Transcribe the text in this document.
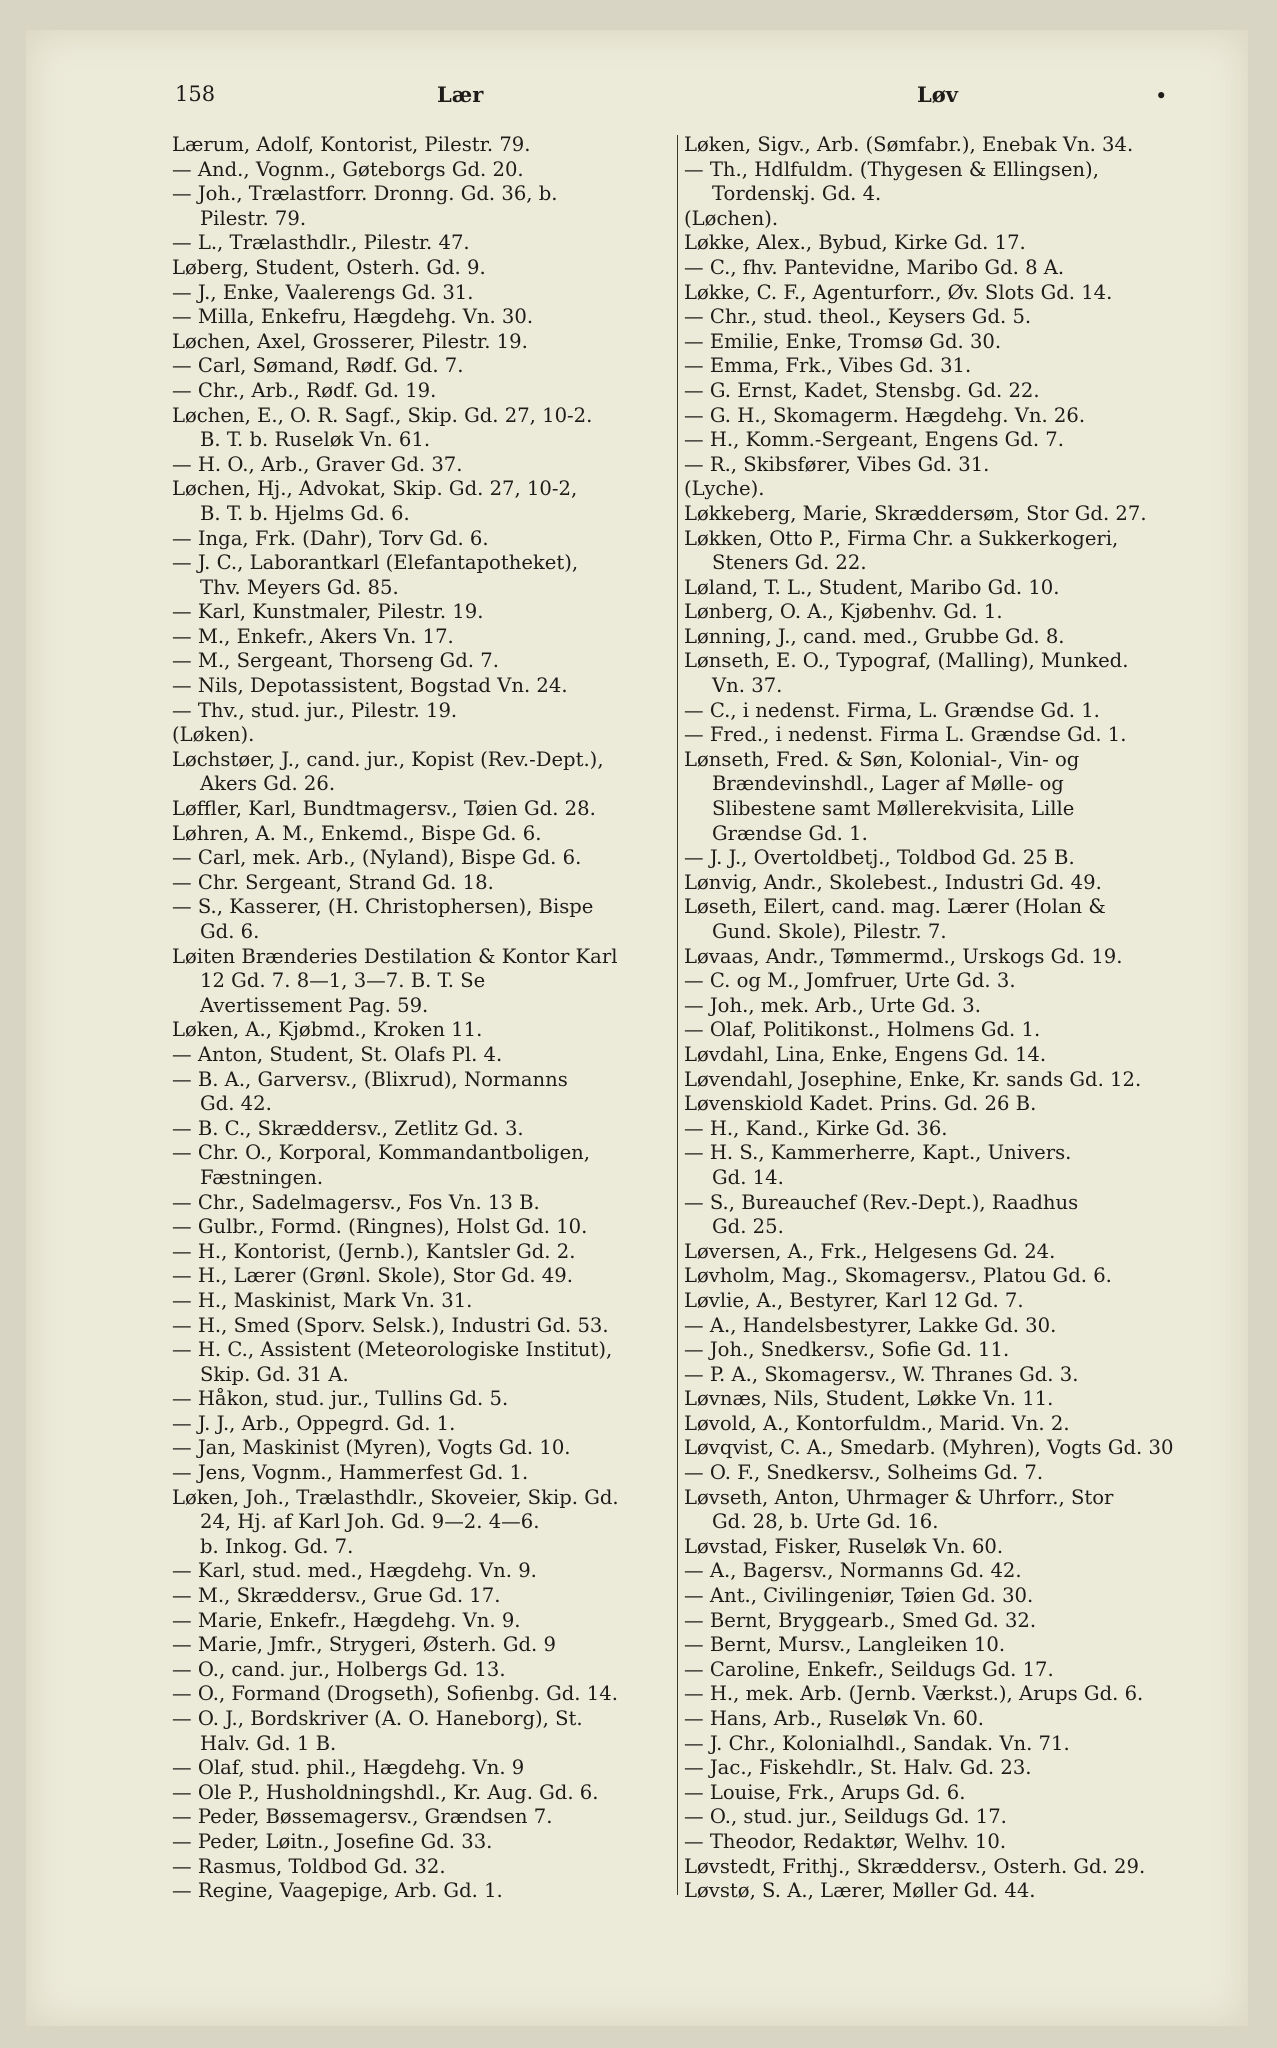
158	Lær	Løv	•
Lærum, Adolf, Kontorist, Pilestr. 79.
— And., Vognm., Gøteborgs Gd. 20.
— Joh., Trælastforr. Dronng. Gd. 36, b.
Pilestr. 79.
— L., Trælasthdlr., Pilestr. 47.
Løberg, Student, Osterh. Gd. 9.
— J., Enke, Vaalerengs Gd. 31.
— Milla, Enkefru, Hægdehg. Vn. 30.
Løchen, Axel, Grosserer, Pilestr. 19.
— Carl, Sømand, Rødf. Gd. 7.
— Chr., Arb., Rødf. Gd. 19.
Løchen, E., O. R. Sagf., Skip. Gd. 27, 10-2.
B. T. b. Ruseløk Vn. 61.
— H. O., Arb., Graver Gd. 37.
Løchen, Hj., Advokat, Skip. Gd. 27, 10-2,
B. T. b. Hjelms Gd. 6.
— Inga, Frk. (Dahr), Torv Gd. 6.
— J. C., Laborantkarl (Elefantapotheket),
Thv. Meyers Gd. 85.
— Karl, Kunstmaler, Pilestr. 19.
— M., Enkefr., Akers Vn. 17.
— M., Sergeant, Thorseng Gd. 7.
— Nils, Depotassistent, Bogstad Vn. 24.
— Thv., stud. jur., Pilestr. 19.
(Løken).
Løchstøer, J., cand. jur., Kopist (Rev.-Dept.),
Akers Gd. 26.
Løffler, Karl, Bundtmagersv., Tøien Gd. 28.
Løhren, A. M., Enkemd., Bispe Gd. 6.
— Carl, mek. Arb., (Nyland), Bispe Gd. 6.
— Chr. Sergeant, Strand Gd. 18.
— S., Kasserer, (H. Christophersen), Bispe
Gd. 6.
Løiten Brænderies Destilation & Kontor Karl
12 Gd. 7. 8—1, 3—7. B. T. Se
Avertissement Pag. 59.
Løken, A., Kjøbmd., Kroken 11.
— Anton, Student, St. Olafs Pl. 4.
— B. A., Garversv., (Blixrud), Normanns
Gd. 42.
— B. C., Skræddersv., Zetlitz Gd. 3.
— Chr. O., Korporal, Kommandantboligen,
Fæstningen.
— Chr., Sadelmagersv., Fos Vn. 13 B.
— Gulbr., Formd. (Ringnes), Holst Gd. 10.
— H., Kontorist, (Jernb.), Kantsler Gd. 2.
— H., Lærer (Grønl. Skole), Stor Gd. 49.
— H., Maskinist, Mark Vn. 31.
— H., Smed (Sporv. Selsk.), Industri Gd. 53.
— H. C., Assistent (Meteorologiske Institut),
Skip. Gd. 31 A.
— Håkon, stud. jur., Tullins Gd. 5.
— J. J., Arb., Oppegrd. Gd. 1.
— Jan, Maskinist (Myren), Vogts Gd. 10.
— Jens, Vognm., Hammerfest Gd. 1.
Løken, Joh., Trælasthdlr., Skoveier, Skip. Gd.
24, Hj. af Karl Joh. Gd. 9—2. 4—6.
b. Inkog. Gd. 7.
— Karl, stud. med., Hægdehg. Vn. 9.
— M., Skræddersv., Grue Gd. 17.
— Marie, Enkefr., Hægdehg. Vn. 9.
— Marie, Jmfr., Strygeri, Østerh. Gd. 9
— O., cand. jur., Holbergs Gd. 13.
— O., Formand (Drogseth), Sofienbg. Gd. 14.
— O. J., Bordskriver (A. O. Haneborg), St.
Halv. Gd. 1 B.
— Olaf, stud. phil., Hægdehg. Vn. 9
— Ole P., Husholdningshdl., Kr. Aug. Gd. 6.
— Peder, Bøssemagersv., Grændsen 7.
— Peder, Løitn., Josefine Gd. 33.
— Rasmus, Toldbod Gd. 32.
— Regine, Vaagepige, Arb. Gd. 1.
Løken, Sigv., Arb. (Sømfabr.), Enebak Vn. 34.
— Th., Hdlfuldm. (Thygesen & Ellingsen),
Tordenskj. Gd. 4.
(Løchen).
Løkke, Alex., Bybud, Kirke Gd. 17.
— C., fhv. Pantevidne, Maribo Gd. 8 A.
Løkke, C. F., Agenturforr., Øv. Slots Gd. 14.
— Chr., stud. theol., Keysers Gd. 5.
— Emilie, Enke, Tromsø Gd. 30.
— Emma, Frk., Vibes Gd. 31.
— G. Ernst, Kadet, Stensbg. Gd. 22.
— G. H., Skomagerm. Hægdehg. Vn. 26.
— H., Komm.-Sergeant, Engens Gd. 7.
— R., Skibsfører, Vibes Gd. 31.
(Lyche).
Løkkeberg, Marie, Skræddersøm, Stor Gd. 27.
Løkken, Otto P., Firma Chr. a Sukkerkogeri,
Steners Gd. 22.
Løland, T. L., Student, Maribo Gd. 10.
Lønberg, O. A., Kjøbenhv. Gd. 1.
Lønning, J., cand. med., Grubbe Gd. 8.
Lønseth, E. O., Typograf, (Malling), Munked.
Vn. 37.
— C., i nedenst. Firma, L. Grændse Gd. 1.
— Fred., i nedenst. Firma L. Grændse Gd. 1.
Lønseth, Fred. & Søn, Kolonial-, Vin- og
Brændevinshdl., Lager af Mølle- og
Slibestene samt Møllerekvisita, Lille
Grændse Gd. 1.
— J. J., Overtoldbetj., Toldbod Gd. 25 B.
Lønvig, Andr., Skolebest., Industri Gd. 49.
Løseth, Eilert, cand. mag. Lærer (Holan &
Gund. Skole), Pilestr. 7.
Løvaas, Andr., Tømmermd., Urskogs Gd. 19.
— C. og M., Jomfruer, Urte Gd. 3.
— Joh., mek. Arb., Urte Gd. 3.
— Olaf, Politikonst., Holmens Gd. 1.
Løvdahl, Lina, Enke, Engens Gd. 14.
Løvendahl, Josephine, Enke, Kr. sands Gd. 12.
Løvenskiold Kadet. Prins. Gd. 26 B.
— H., Kand., Kirke Gd. 36.
— H. S., Kammerherre, Kapt., Univers.
Gd. 14.
— S., Bureauchef (Rev.-Dept.), Raadhus
Gd. 25.
Løversen, A., Frk., Helgesens Gd. 24.
Løvholm, Mag., Skomagersv., Platou Gd. 6.
Løvlie, A., Bestyrer, Karl 12 Gd. 7.
— A., Handelsbestyrer, Lakke Gd. 30.
— Joh., Snedkersv., Sofie Gd. 11.
— P. A., Skomagersv., W. Thranes Gd. 3.
Løvnæs, Nils, Student, Løkke Vn. 11.
Løvold, A., Kontorfuldm., Marid. Vn. 2.
Løvqvist, C. A., Smedarb. (Myhren), Vogts Gd. 30
— O. F., Snedkersv., Solheims Gd. 7.
Løvseth, Anton, Uhrmager & Uhrforr., Stor
Gd. 28, b. Urte Gd. 16.
Løvstad, Fisker, Ruseløk Vn. 60.
— A., Bagersv., Normanns Gd. 42.
— Ant., Civilingeniør, Tøien Gd. 30.
— Bernt, Bryggearb., Smed Gd. 32.
— Bernt, Mursv., Langleiken 10.
— Caroline, Enkefr., Seildugs Gd. 17.
— H., mek. Arb. (Jernb. Værkst.), Arups Gd. 6.
— Hans, Arb., Ruseløk Vn. 60.
— J. Chr., Kolonialhdl., Sandak. Vn. 71.
— Jac., Fiskehdlr., St. Halv. Gd. 23.
— Louise, Frk., Arups Gd. 6.
— O., stud. jur., Seildugs Gd. 17.
— Theodor, Redaktør, Welhv. 10.
Løvstedt, Frithj., Skræddersv., Osterh. Gd. 29.
Løvstø, S. A., Lærer, Møller Gd. 44.
